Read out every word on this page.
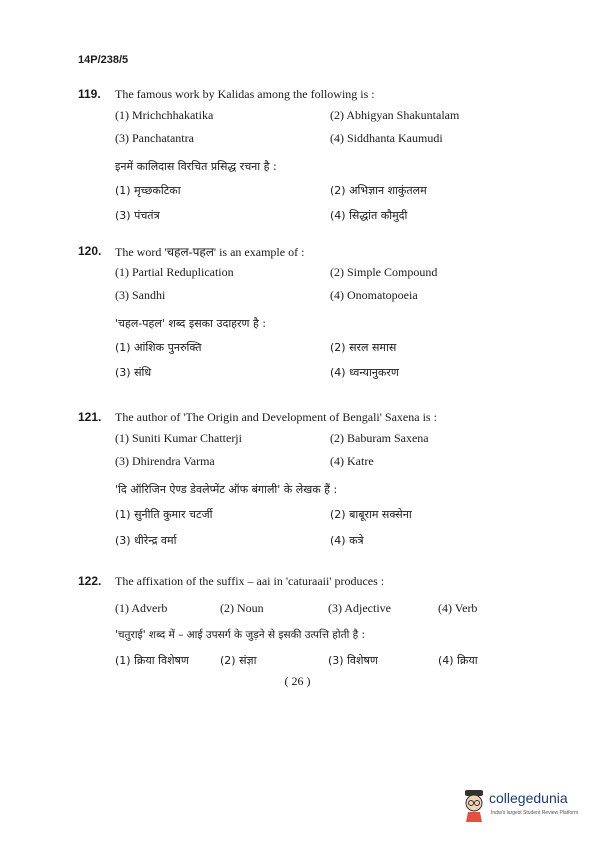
14P/238/5
119.	The famous work by Kalidas among the following is :
(1) Mrichchhakatika	(2) Abhigyan Shakuntalam
(3) Panchatantra	(4) Siddhanta Kaumudi
इनमें कालिदास विरचित प्रसिद्ध रचना है :
(1) मृच्छकटिका	(2) अभिज्ञान शाकुंतलम
(3) पंचतंत्र	(4) सिद्धांत कौमुदी
120.	The word 'चहल-पहल' is an example of :
(1) Partial Reduplication	(2) Simple Compound
(3) Sandhi	(4) Onomatopoeia
'चहल-पहल' शब्द इसका उदाहरण है :
(1) आंशिक पुनरुक्ति	(2) सरल समास
(3) संधि	(4) ध्वन्यानुकरण
121.	The author of 'The Origin and Development of Bengali' Saxena is :
(1) Suniti Kumar Chatterji	(2) Baburam Saxena
(3) Dhirendra Varma	(4) Katre
'दि ऑरिजिन ऐण्ड डेवलेप्मेंट ऑफ बंगाली' के लेखक हैं :
(1) सुनीति कुमार चटर्जी	(2) बाबूराम सक्सेना
(3) धीरेन्द्र वर्मा	(4) कत्रे
122.	The affixation of the suffix – aai in 'caturaaii' produces :
(1) Adverb	(2) Noun	(3) Adjective	(4) Verb
'चतुराई' शब्द में – आई उपसर्ग के जुड़ने से इसकी उत्पत्ति होती है :
(1) क्रिया विशेषण	(2) संज्ञा	(3) विशेषण	(4) क्रिया
( 26 )
collegedunia
India's largest Student Review Platform
